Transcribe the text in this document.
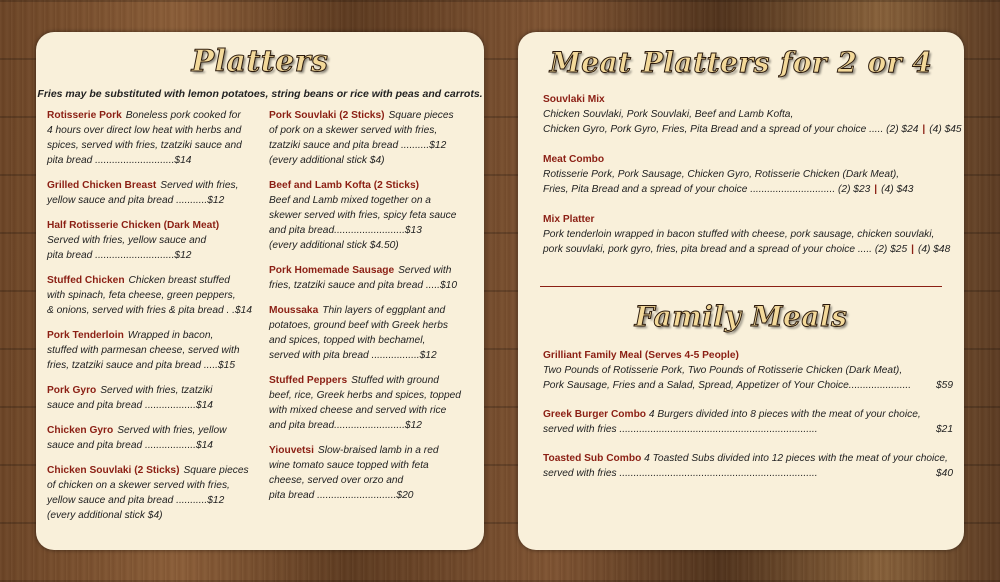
Platters
Fries may be substituted with lemon potatoes, string beans or rice with peas and carrots.
Rotisserie Pork Boneless pork cooked for
4 hours over direct low heat with herbs and
spices, served with fries, tzatziki sauce and
pita bread ............................$14
Grilled Chicken Breast Served with fries,
yellow sauce and pita bread ...........$12
Half Rotisserie Chicken (Dark Meat)
Served with fries, yellow sauce and
pita bread ............................$12
Stuffed Chicken Chicken breast stuffed
with spinach, feta cheese, green peppers,
& onions, served with fries & pita bread . .$14
Pork Tenderloin Wrapped in bacon,
stuffed with parmesan cheese, served with
fries, tzatziki sauce and pita bread .....$15
Pork Gyro Served with fries, tzatziki
sauce and pita bread ..................$14
Chicken Gyro Served with fries, yellow
sauce and pita bread ..................$14
Chicken Souvlaki (2 Sticks) Square pieces
of chicken on a skewer served with fries,
yellow sauce and pita bread ...........$12
(every additional stick $4)
Pork Souvlaki (2 Sticks) Square pieces
of pork on a skewer served with fries,
tzatziki sauce and pita bread ..........$12
(every additional stick $4)
Beef and Lamb Kofta (2 Sticks)
Beef and Lamb mixed together on a
skewer served with fries, spicy feta sauce
and pita bread.........................$13
(every additional stick $4.50)
Pork Homemade Sausage Served with
fries, tzatziki sauce and pita bread .....$10
Moussaka Thin layers of eggplant and
potatoes, ground beef with Greek herbs
and spices, topped with bechamel,
served with pita bread .................$12
Stuffed Peppers Stuffed with ground
beef, rice, Greek herbs and spices, topped
with mixed cheese and served with rice
and pita bread.........................$12
Yiouvetsi Slow-braised lamb in a red
wine tomato sauce topped with feta
cheese, served over orzo and
pita bread ............................$20
Meat Platters for 2 or 4
Souvlaki Mix
Chicken Souvlaki, Pork Souvlaki, Beef and Lamb Kofta,
Chicken Gyro, Pork Gyro, Fries, Pita Bread and a spread of your choice ..... (2) $24 | (4) $45
Meat Combo
Rotisserie Pork, Pork Sausage, Chicken Gyro, Rotisserie Chicken (Dark Meat),
Fries, Pita Bread and a spread of your choice .............................. (2) $23 | (4) $43
Mix Platter
Pork tenderloin wrapped in bacon stuffed with cheese, pork sausage, chicken souvlaki,
pork souvlaki, pork gyro, fries, pita bread and a spread of your choice ..... (2) $25 | (4) $48
Family Meals
Grilliant Family Meal (Serves 4-5 People)
Two Pounds of Rotisserie Pork, Two Pounds of Rotisserie Chicken (Dark Meat),
Pork Sausage, Fries and a Salad, Spread, Appetizer of Your Choice...................... $59
Greek Burger Combo 4 Burgers divided into 8 pieces with the meat of your choice,
served with fries ......................................................................	$21
Toasted Sub Combo 4 Toasted Subs divided into 12 pieces with the meat of your choice,
served with fries ......................................................................	$40
